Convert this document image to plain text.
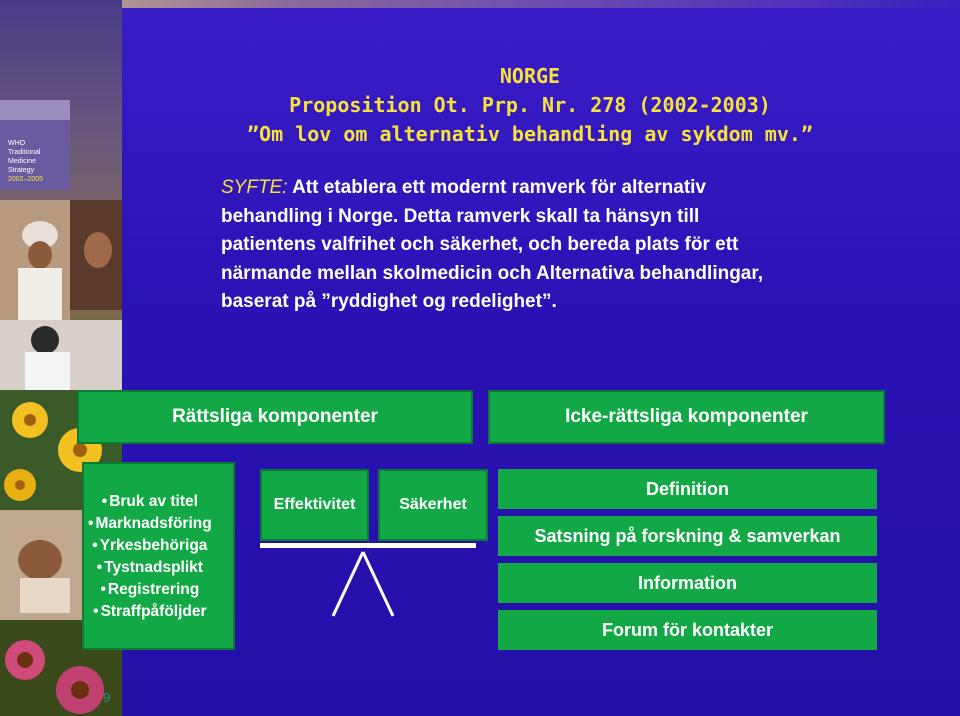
WHO
Traditional
Medicine
Strategy
2002–2005
NORGE
Proposition Ot. Prp. Nr. 278 (2002-2003)
”Om lov om alternativ behandling av sykdom mv.”
SYFTE: Att etablera ett modernt ramverk för alternativ
behandling i Norge. Detta ramverk skall ta hänsyn till
patientens valfrihet och säkerhet, och bereda plats för ett
närmande mellan skolmedicin och Alternativa behandlingar,
baserat på ”ryddighet og redelighet”.
Rättsliga komponenter	Icke-rättsliga komponenter
• Bruk av titel
• Marknadsföring
• Yrkesbehöriga
• Tystnadsplikt
• Registrering
• Straffpåföljder
Effektivitet	Säkerhet
Definition
Satsning på forskning & samverkan
Information
Forum för kontakter
9
